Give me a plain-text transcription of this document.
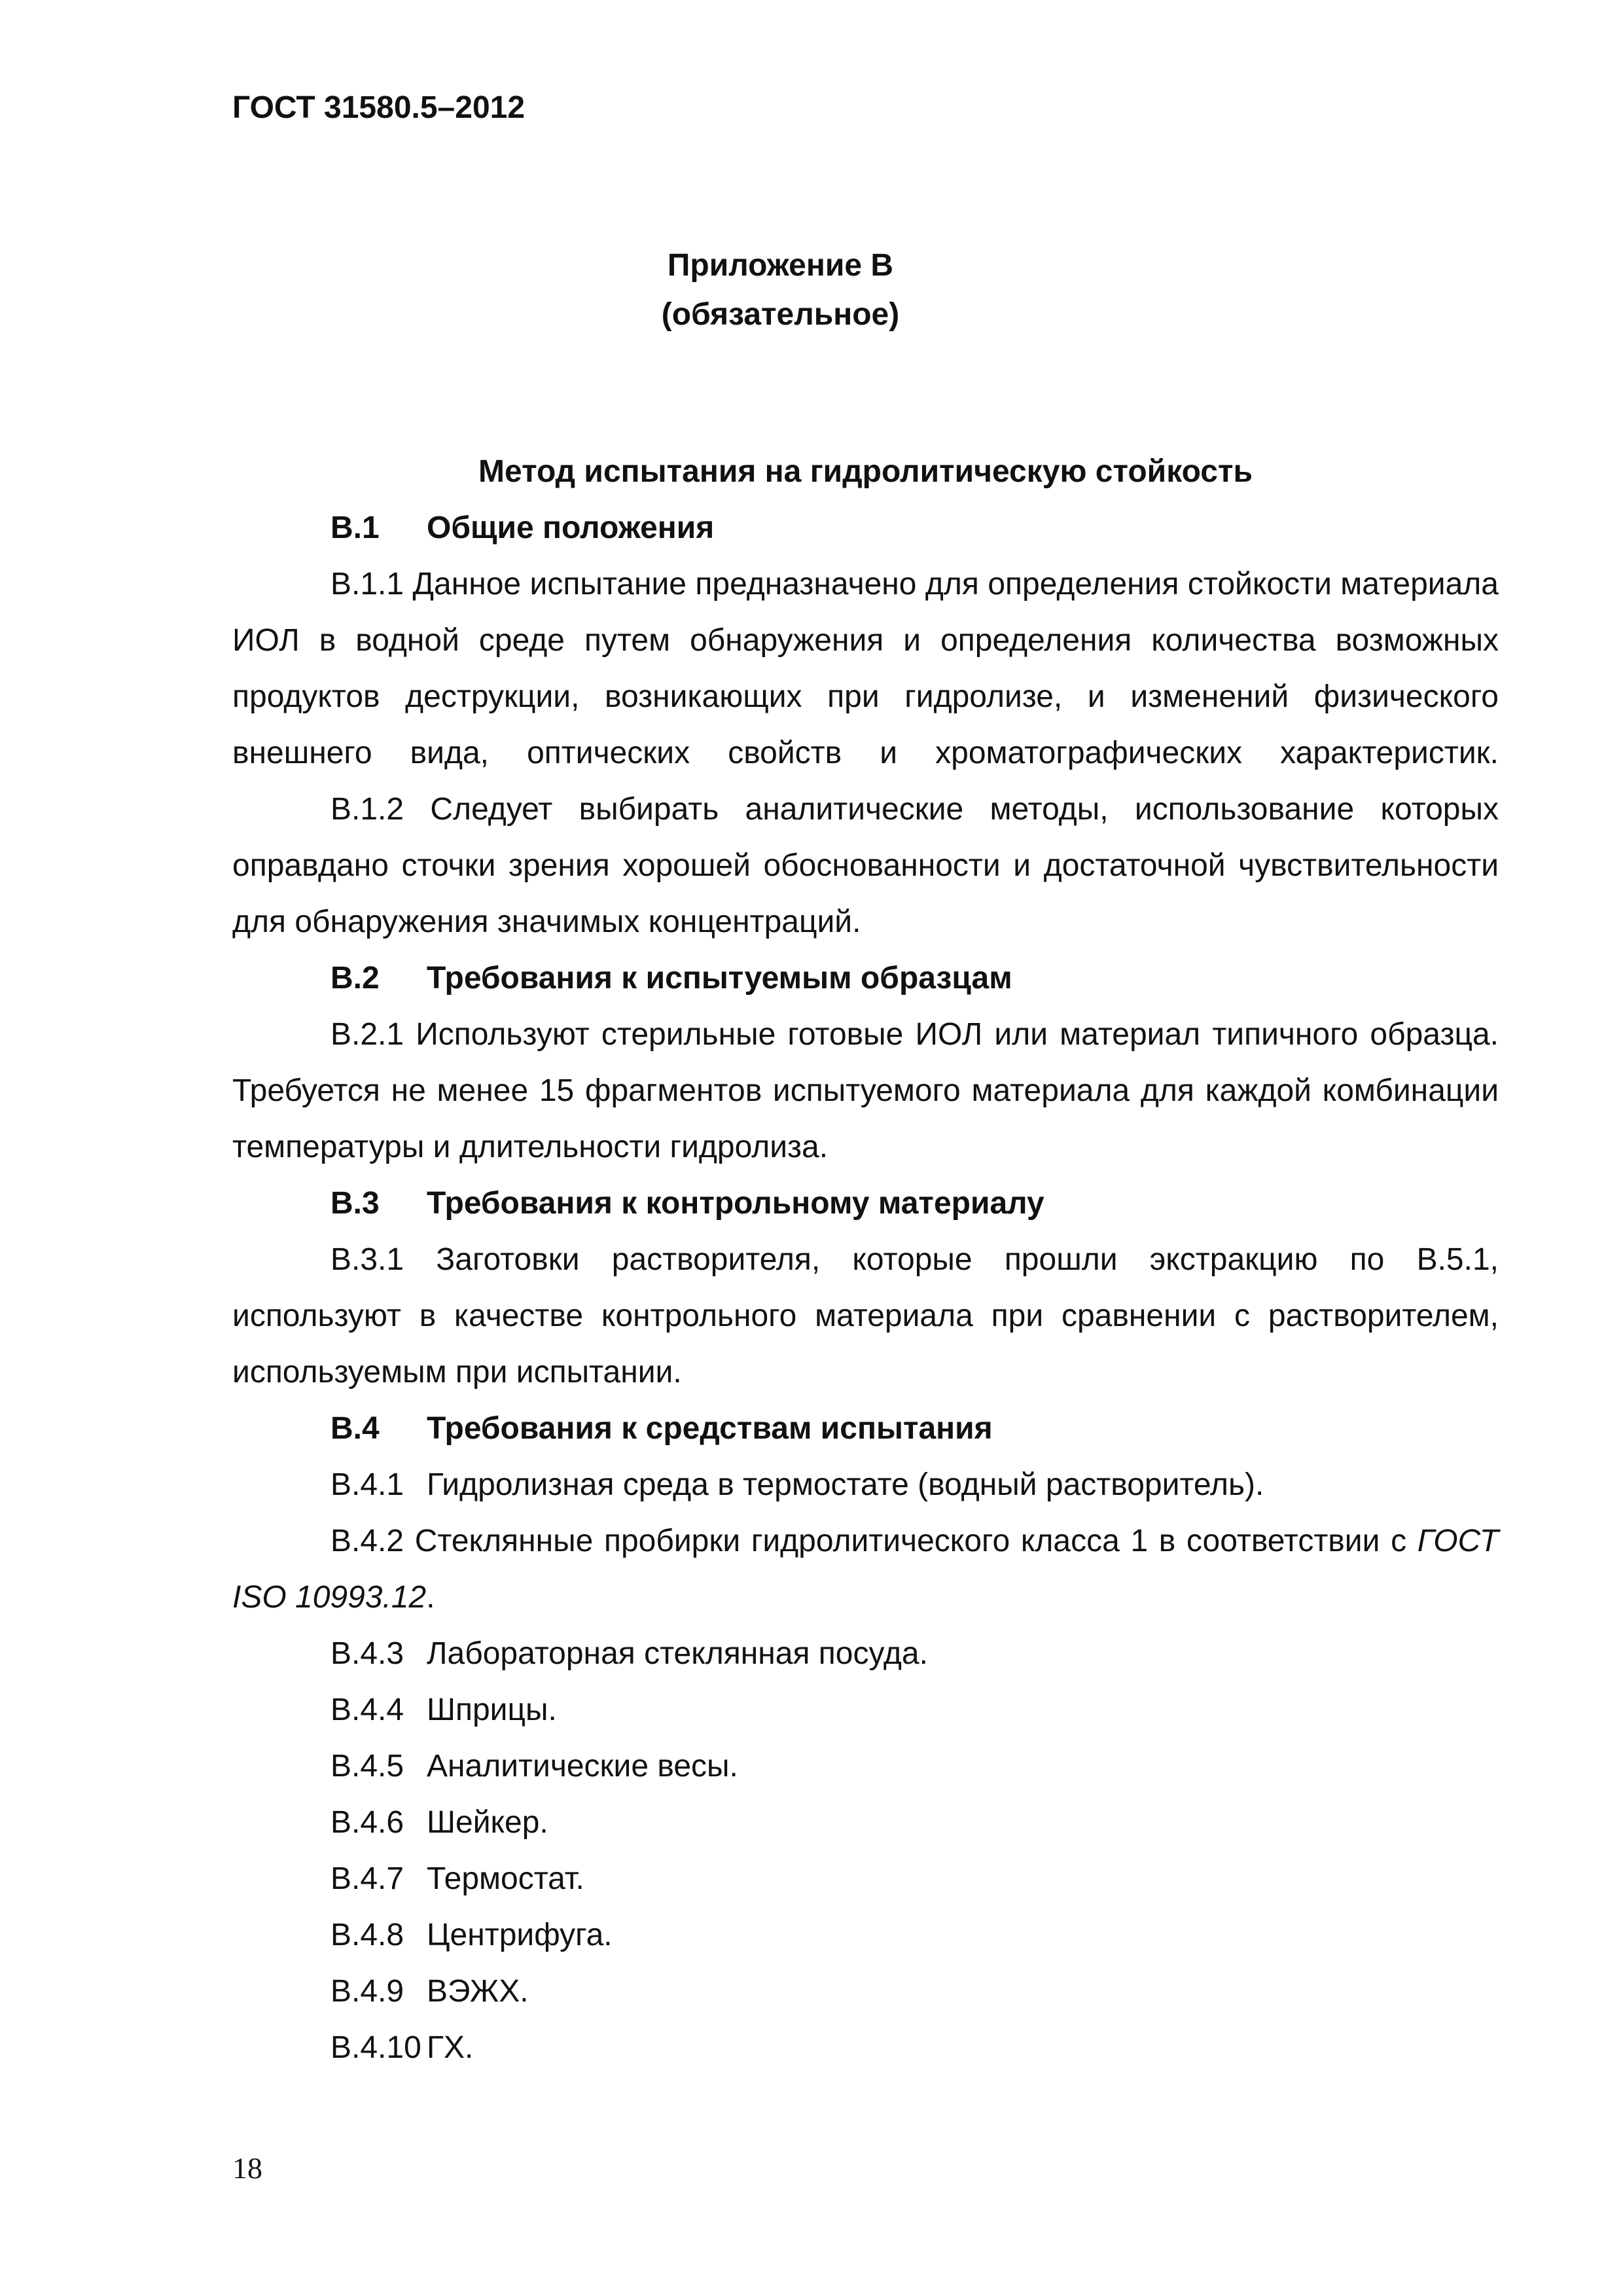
ГОСТ 31580.5–2012
Приложение В
(обязательное)
Метод испытания на гидролитическую стойкость
В.1 Общие положения

В.1.1 Данное испытание предназначено для определения стойкости материала ИОЛ в водной среде путем обнаружения и определения количества возможных продуктов деструкции, возникающих при гидролизе, и изменений физического внешнего вида, оптических свойств и хроматографических характеристик.

В.1.2 Следует выбирать аналитические методы, использование которых оправдано сточки зрения хорошей обоснованности и достаточной чувствительности для обнаружения значимых концентраций.

В.2 Требования к испытуемым образцам

В.2.1 Используют стерильные готовые ИОЛ или материал типичного образца. Требуется не менее 15 фрагментов испытуемого материала для каждой комбинации температуры и длительности гидролиза.

В.3 Требования к контрольному материалу

В.3.1 Заготовки растворителя, которые прошли экстракцию по В.5.1, используют в качестве контрольного материала при сравнении с растворителем, используемым при испытании.

В.4 Требования к средствам испытания
В.4.1 Гидролизная среда в термостате (водный растворитель).

В.4.2 Стеклянные пробирки гидролитического класса 1 в соответствии с ГОСТ ISO 10993.12.

В.4.3 Лабораторная стеклянная посуда.
В.4.4 Шприцы.
В.4.5 Аналитические весы.
В.4.6 Шейкер.
В.4.7 Термостат.
В.4.8 Центрифуга.
В.4.9 ВЭЖХ.
В.4.10 ГХ.
18
